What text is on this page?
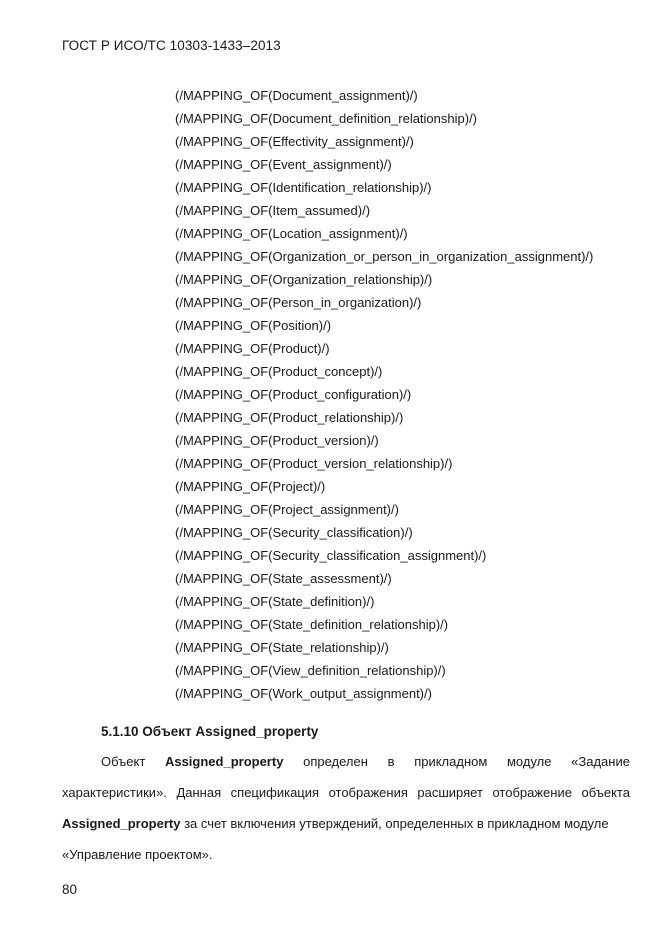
ГОСТ Р ИСО/ТС 10303-1433–2013
(/MAPPING_OF(Document_assignment)/)
(/MAPPING_OF(Document_definition_relationship)/)
(/MAPPING_OF(Effectivity_assignment)/)
(/MAPPING_OF(Event_assignment)/)
(/MAPPING_OF(Identification_relationship)/)
(/MAPPING_OF(Item_assumed)/)
(/MAPPING_OF(Location_assignment)/)
(/MAPPING_OF(Organization_or_person_in_organization_assignment)/)
(/MAPPING_OF(Organization_relationship)/)
(/MAPPING_OF(Person_in_organization)/)
(/MAPPING_OF(Position)/)
(/MAPPING_OF(Product)/)
(/MAPPING_OF(Product_concept)/)
(/MAPPING_OF(Product_configuration)/)
(/MAPPING_OF(Product_relationship)/)
(/MAPPING_OF(Product_version)/)
(/MAPPING_OF(Product_version_relationship)/)
(/MAPPING_OF(Project)/)
(/MAPPING_OF(Project_assignment)/)
(/MAPPING_OF(Security_classification)/)
(/MAPPING_OF(Security_classification_assignment)/)
(/MAPPING_OF(State_assessment)/)
(/MAPPING_OF(State_definition)/)
(/MAPPING_OF(State_definition_relationship)/)
(/MAPPING_OF(State_relationship)/)
(/MAPPING_OF(View_definition_relationship)/)
(/MAPPING_OF(Work_output_assignment)/)
5.1.10 Объект Assigned_property
Объект Assigned_property определен в прикладном модуле «Задание
характеристики». Данная спецификация отображения расширяет отображение объекта
Assigned_property за счет включения утверждений, определенных в прикладном модуле
«Управление проектом».
80
